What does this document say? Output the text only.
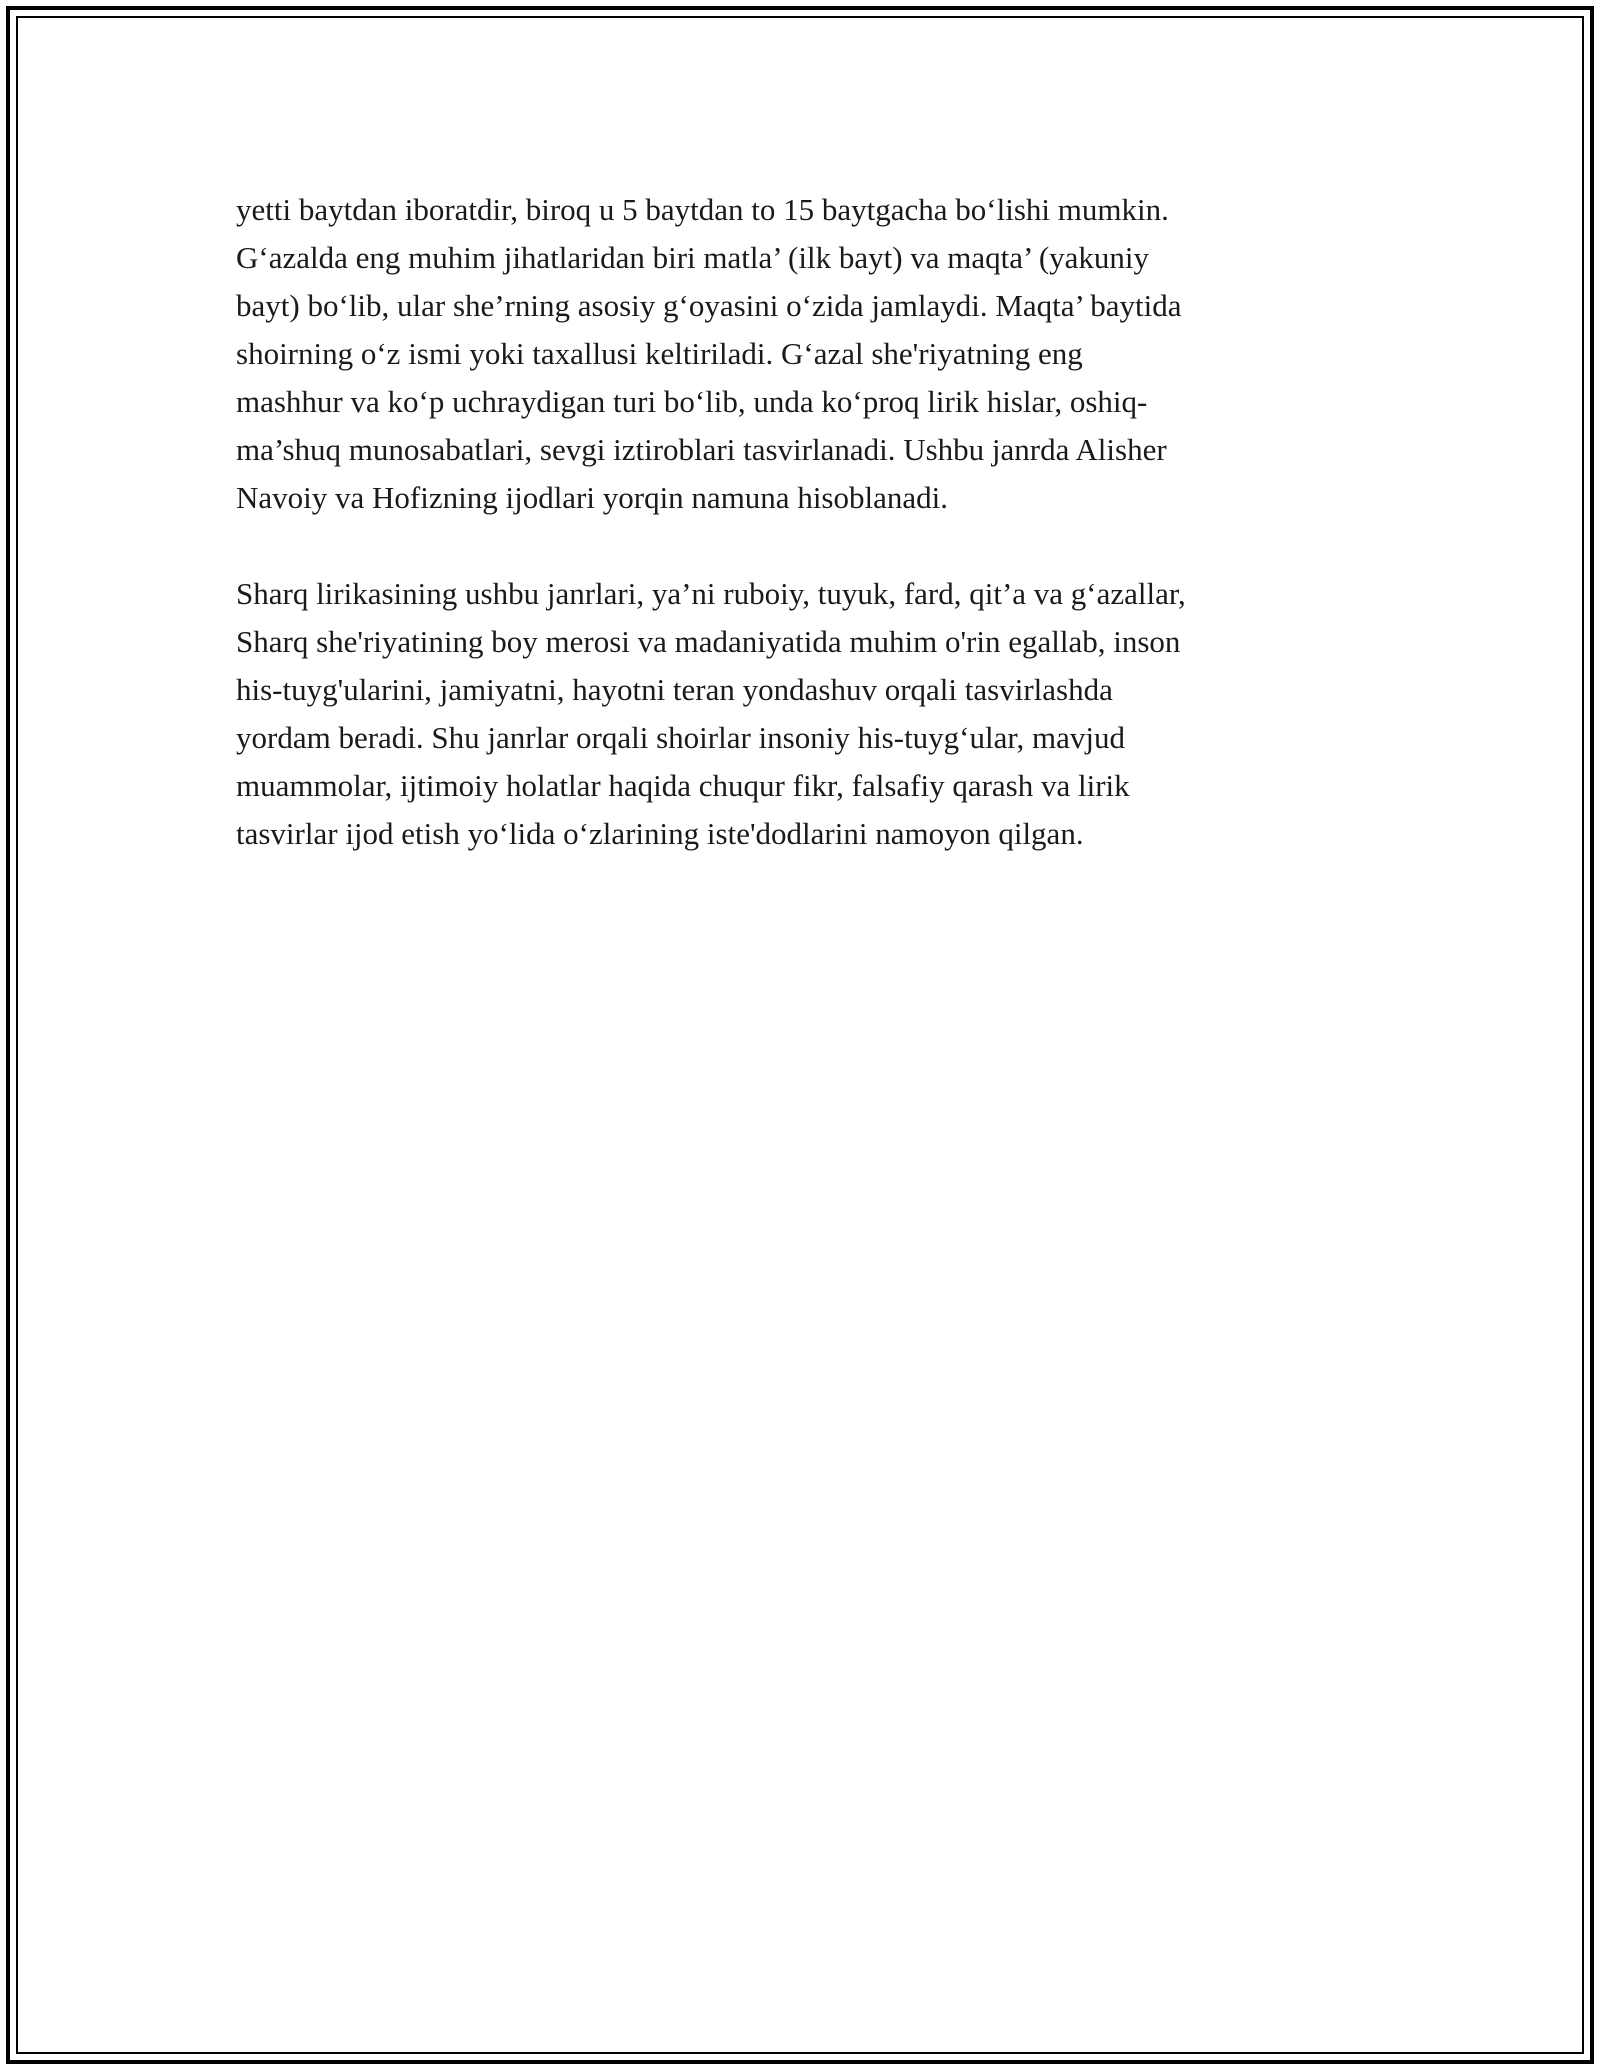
yetti baytdan iboratdir, biroq u 5 baytdan to 15 baytgacha bo‘lishi mumkin.
G‘azalda eng muhim jihatlaridan biri matla’ (ilk bayt) va maqta’ (yakuniy
bayt) bo‘lib, ular she’rning asosiy g‘oyasini o‘zida jamlaydi. Maqta’ baytida
shoirning o‘z ismi yoki taxallusi keltiriladi. G‘azal she'riyatning eng
mashhur va ko‘p uchraydigan turi bo‘lib, unda ko‘proq lirik hislar, oshiq-
ma’shuq munosabatlari, sevgi iztiroblari tasvirlanadi. Ushbu janrda Alisher
Navoiy va Hofizning ijodlari yorqin namuna hisoblanadi.

Sharq lirikasining ushbu janrlari, ya’ni ruboiy, tuyuk, fard, qit’a va g‘azallar,
Sharq she'riyatining boy merosi va madaniyatida muhim o'rin egallab, inson
his-tuyg'ularini, jamiyatni, hayotni teran yondashuv orqali tasvirlashda
yordam beradi. Shu janrlar orqali shoirlar insoniy his-tuyg‘ular, mavjud
muammolar, ijtimoiy holatlar haqida chuqur fikr, falsafiy qarash va lirik
tasvirlar ijod etish yo‘lida o‘zlarining iste'dodlarini namoyon qilgan.
